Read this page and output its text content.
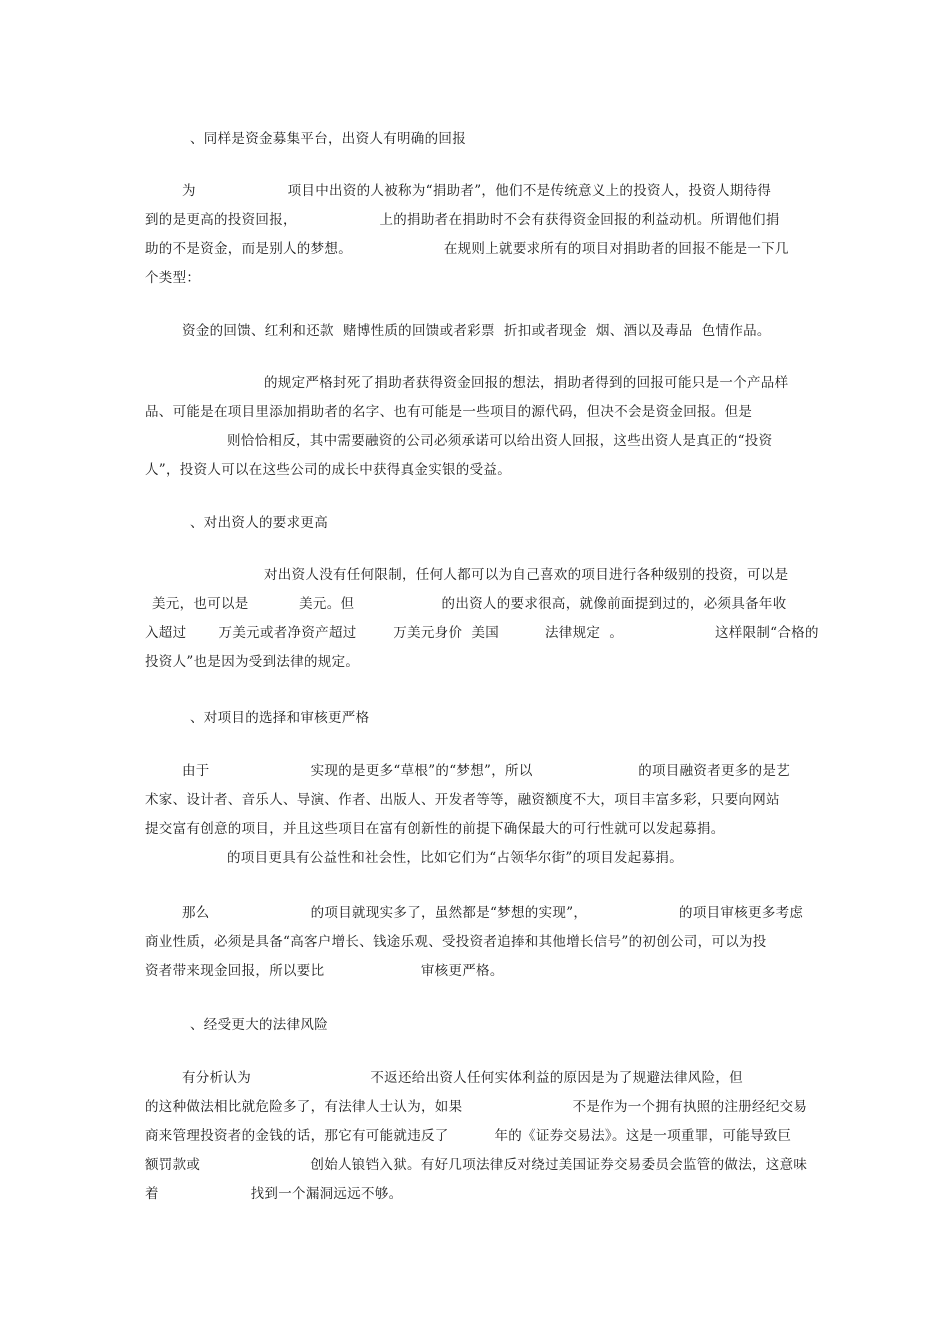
、同样是资金募集平台，出资人有明确的回报
为                    项目中出资的人被称为“捐助者”，他们不是传统意义上的投资人，投资人期待得
到的是更高的投资回报，                  上的捐助者在捐助时不会有获得资金回报的利益动机。所谓他们捐
助的不是资金，而是别人的梦想。                    在规则上就要求所有的项目对捐助者的回报不能是一下几
个类型：
资金的回馈、红利和还款  赌博性质的回馈或者彩票  折扣或者现金  烟、酒以及毒品  色情作品。
的规定严格封死了捐助者获得资金回报的想法，捐助者得到的回报可能只是一个产品样
品、可能是在项目里添加捐助者的名字、也有可能是一些项目的源代码，但决不会是资金回报。但是
则恰恰相反，其中需要融资的公司必须承诺可以给出资人回报，这些出资人是真正的“投资
人”，投资人可以在这些公司的成长中获得真金实银的受益。
、对出资人的要求更高
对出资人没有任何限制，任何人都可以为自己喜欢的项目进行各种级别的投资，可以是
美元，也可以是           美元。但                   的出资人的要求很高，就像前面提到过的，必须具备年收
入超过       万美元或者净资产超过        万美元身价  美国          法律规定  。                    这样限制“合格的
投资人”也是因为受到法律的规定。
、对项目的选择和审核更严格
由于                      实现的是更多“草根”的“梦想”，所以                       的项目融资者更多的是艺
术家、设计者、音乐人、导演、作者、出版人、开发者等等，融资额度不大，项目丰富多彩，只要向网站
提交富有创意的项目，并且这些项目在富有创新性的前提下确保最大的可行性就可以发起募捐。
的项目更具有公益性和社会性，比如它们为“占领华尔街”的项目发起募捐。
那么                      的项目就现实多了，虽然都是“梦想的实现”，                    的项目审核更多考虑
商业性质，必须是具备“高客户增长、钱途乐观、受投资者追捧和其他增长信号”的初创公司，可以为投
资者带来现金回报，所以要比                     审核更严格。
、经受更大的法律风险
有分析认为                          不返还给出资人任何实体利益的原因是为了规避法律风险，但
的这种做法相比就危险多了，有法律人士认为，如果                        不是作为一个拥有执照的注册经纪交易
商来管理投资者的金钱的话，那它有可能就违反了          年的《证券交易法》。这是一项重罪，可能导致巨
额罚款或                        创始人锒铛入狱。有好几项法律反对绕过美国证券交易委员会监管的做法，这意味
着                    找到一个漏洞远远不够。
